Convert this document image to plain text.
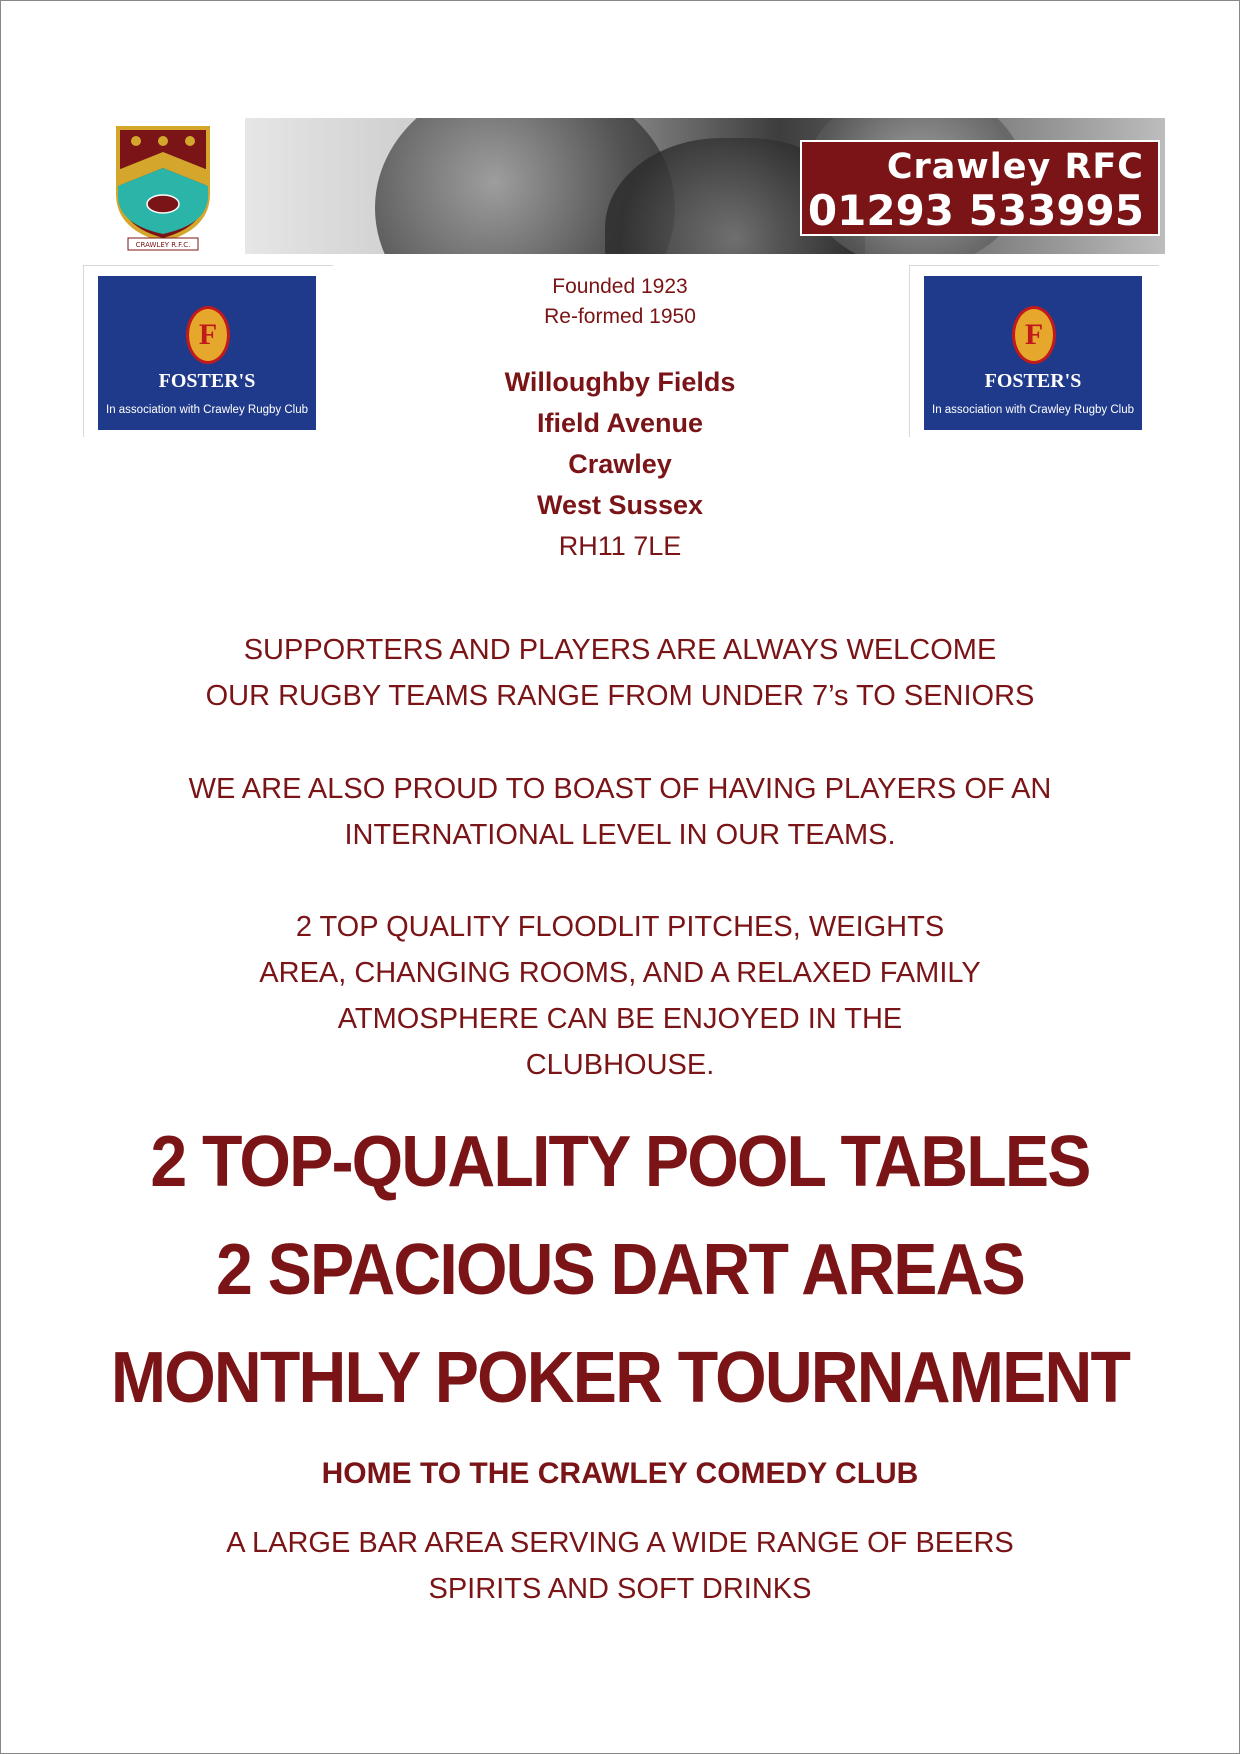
CRAWLEY R.F.C.
Crawley RFC
01293 533995
F
FOSTER'S
In association with Crawley Rugby Club
F
FOSTER'S
In association with Crawley Rugby Club
Founded 1923
Re-formed 1950
Willoughby Fields
Ifield Avenue
Crawley
West Sussex
RH11 7LE
SUPPORTERS AND PLAYERS ARE ALWAYS WELCOME
OUR RUGBY TEAMS RANGE FROM UNDER 7’s TO SENIORS
WE ARE ALSO PROUD TO BOAST OF HAVING PLAYERS OF AN
INTERNATIONAL LEVEL IN OUR TEAMS.
2 TOP QUALITY FLOODLIT PITCHES, WEIGHTS
AREA, CHANGING ROOMS, AND A RELAXED FAMILY
ATMOSPHERE CAN BE ENJOYED IN THE
CLUBHOUSE.
2 TOP-QUALITY POOL TABLES
2 SPACIOUS DART AREAS
MONTHLY POKER TOURNAMENT
HOME TO THE CRAWLEY COMEDY CLUB
A LARGE BAR AREA SERVING A WIDE RANGE OF BEERS
SPIRITS AND SOFT DRINKS
